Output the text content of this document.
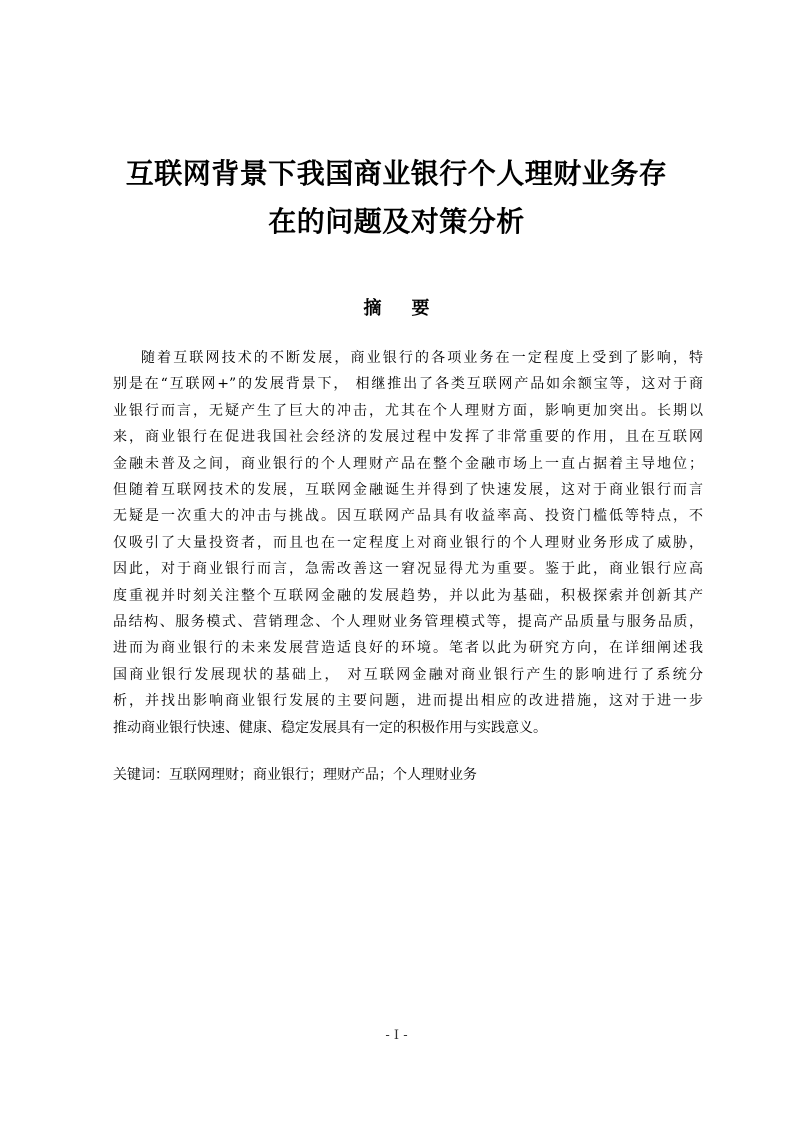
互联网背景下我国商业银行个人理财业务存
在的问题及对策分析
摘要

随着互联网技术的不断发展，商业银行的各项业务在一定程度上受到了影响，特

别是在“互联网+”的发展背景下， 相继推出了各类互联网产品如余额宝等，这对于商

业银行而言，无疑产生了巨大的冲击，尤其在个人理财方面，影响更加突出。长期以

来，商业银行在促进我国社会经济的发展过程中发挥了非常重要的作用，且在互联网

金融未普及之间，商业银行的个人理财产品在整个金融市场上一直占据着主导地位；

但随着互联网技术的发展，互联网金融诞生并得到了快速发展，这对于商业银行而言

无疑是一次重大的冲击与挑战。因互联网产品具有收益率高、投资门槛低等特点，不

仅吸引了大量投资者，而且也在一定程度上对商业银行的个人理财业务形成了威胁，

因此，对于商业银行而言，急需改善这一窘况显得尤为重要。鉴于此，商业银行应高

度重视并时刻关注整个互联网金融的发展趋势，并以此为基础，积极探索并创新其产

品结构、服务模式、营销理念、个人理财业务管理模式等，提高产品质量与服务品质，

进而为商业银行的未来发展营造适良好的环境。笔者以此为研究方向，在详细阐述我

国商业银行发展现状的基础上， 对互联网金融对商业银行产生的影响进行了系统分

析，并找出影响商业银行发展的主要问题，进而提出相应的改进措施，这对于进一步

推动商业银行快速、健康、稳定发展具有一定的积极作用与实践意义。

关键词：互联网理财；商业银行；理财产品；个人理财业务
- I -
